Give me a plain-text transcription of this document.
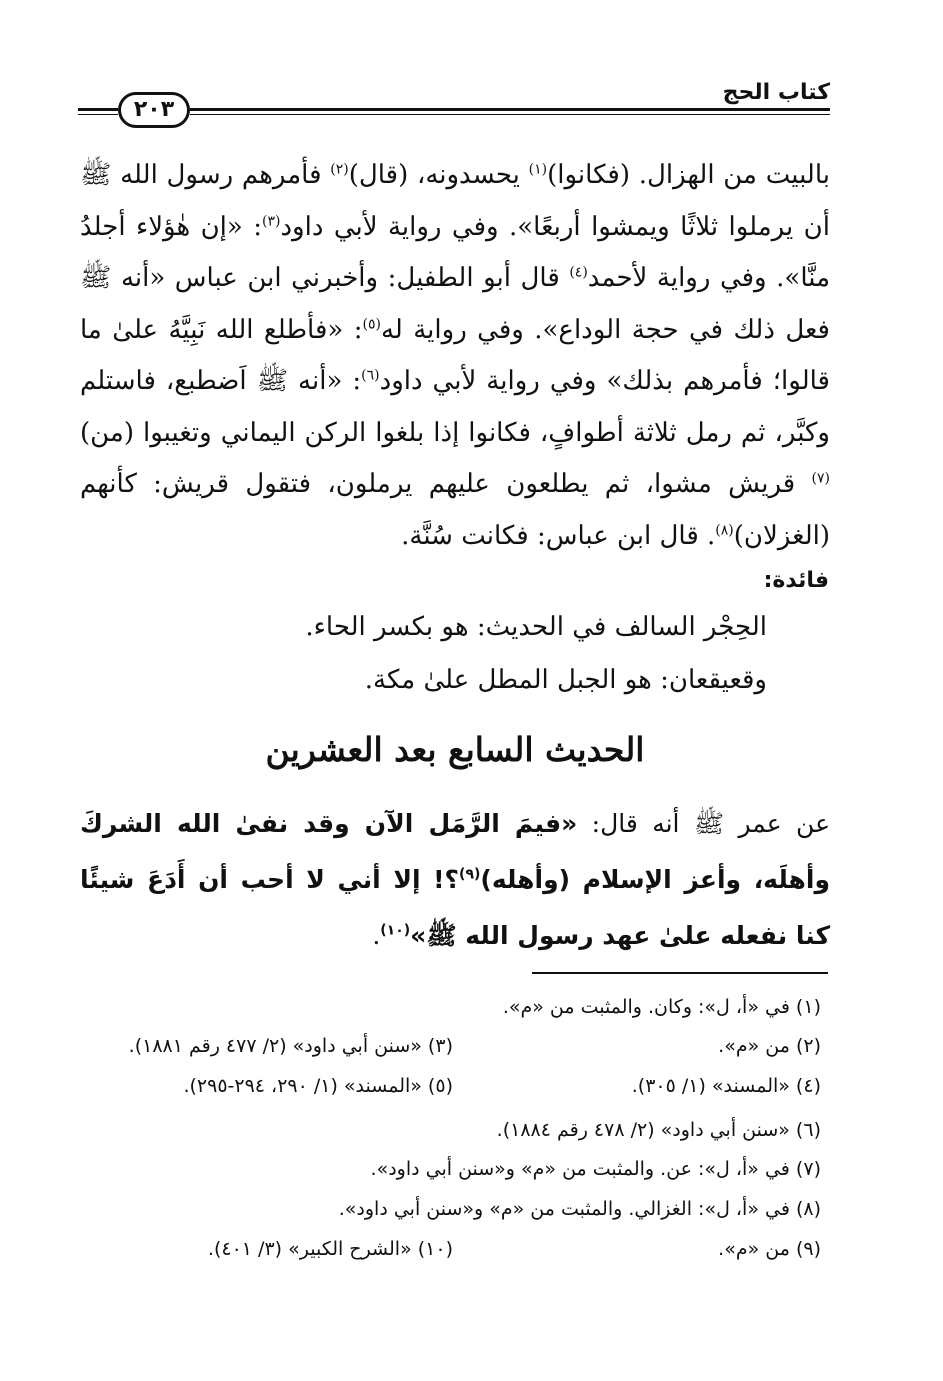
٢٠٣
كتاب الحج

بالبيت من الهزال. (فكانوا)$^{(١)}$ يحسدونه، (قال)$^{(٢)}$ فأمرهم رسول الله ﷺ أن يرملوا ثلاثًا ويمشوا أربعًا». وفي رواية لأبي داود$^{(٣)}$: «إن هٰؤلاء أجلدُ منَّا». وفي رواية لأحمد$^{(٤)}$ قال أبو الطفيل: وأخبرني ابن عباس «أنه ﷺ فعل ذلك في حجة الوداع». وفي رواية له$^{(٥)}$: «فأطلع الله نَبِيَّهُ علىٰ ما قالوا؛ فأمرهم بذلك» وفي رواية لأبي داود$^{(٦)}$: «أنه ﷺ اَضطبع، فاستلم وكبَّر، ثم رمل ثلاثة أطوافٍ، فكانوا إذا بلغوا الركن اليماني وتغيبوا (من)$^{(٧)}$ قريش مشوا، ثم يطلعون عليهم يرملون، فتقول قريش: كأنهم (الغزلان)$^{(٨)}$. قال ابن عباس: فكانت سُنَّة.

فائدة:
الحِجْر السالف في الحديث: هو بكسر الحاء.
وقعيقعان: هو الجبل المطل علىٰ مكة.
الحديث السابع بعد العشرين
عن عمر ﷺ أنه قال: «فيمَ الرَّمَل الآن وقد نفىٰ الله الشركَ وأهلَه، وأعز الإسلام (وأهله)$^{(٩)}$؟! إلا أني لا أحب أن أَدَعَ شيئًا كنا نفعله علىٰ عهد رسول الله ﷺ»$^{(١٠)}$.
(١) في «أ، ل»: وكان. والمثبت من «م».
(٢) من «م».
(٣) «سنن أبي داود» (٢/ ٤٧٧ رقم ١٨٨١).
(٤) «المسند» (١/ ٣٠٥).
(٥) «المسند» (١/ ٢٩٠، ٢٩٤-٢٩٥).
(٦) «سنن أبي داود» (٢/ ٤٧٨ رقم ١٨٨٤).
(٧) في «أ، ل»: عن. والمثبت من «م» و«سنن أبي داود».
(٨) في «أ، ل»: الغزالي. والمثبت من «م» و«سنن أبي داود».
(٩) من «م».
(١٠) «الشرح الكبير» (٣/ ٤٠١).
